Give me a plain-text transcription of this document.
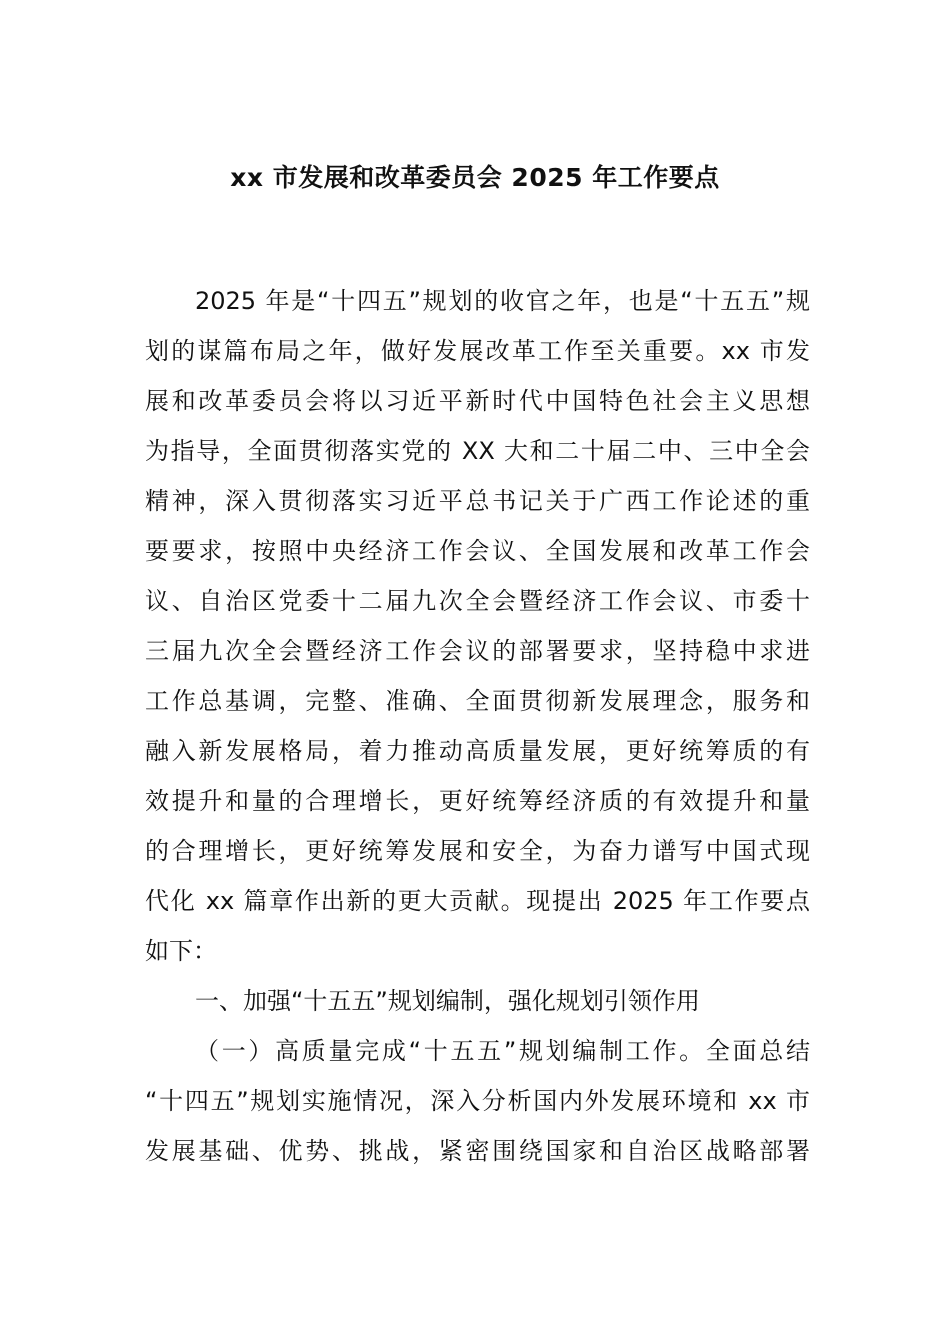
xx 市发展和改革委员会 2025 年工作要点
2025 年是“十四五”规划的收官之年，也是“十五五”规
划的谋篇布局之年，做好发展改革工作至关重要。xx 市发
展和改革委员会将以习近平新时代中国特色社会主义思想
为指导，全面贯彻落实党的 XX 大和二十届二中、三中全会
精神，深入贯彻落实习近平总书记关于广西工作论述的重
要要求，按照中央经济工作会议、全国发展和改革工作会
议、自治区党委十二届九次全会暨经济工作会议、市委十
三届九次全会暨经济工作会议的部署要求，坚持稳中求进
工作总基调，完整、准确、全面贯彻新发展理念，服务和
融入新发展格局，着力推动高质量发展，更好统筹质的有
效提升和量的合理增长，更好统筹经济质的有效提升和量
的合理增长，更好统筹发展和安全，为奋力谱写中国式现
代化 xx 篇章作出新的更大贡献。现提出 2025 年工作要点
如下：
一、加强“十五五”规划编制，强化规划引领作用
（一）高质量完成“十五五”规划编制工作。全面总结
“十四五”规划实施情况，深入分析国内外发展环境和 xx 市
发展基础、优势、挑战，紧密围绕国家和自治区战略部署
